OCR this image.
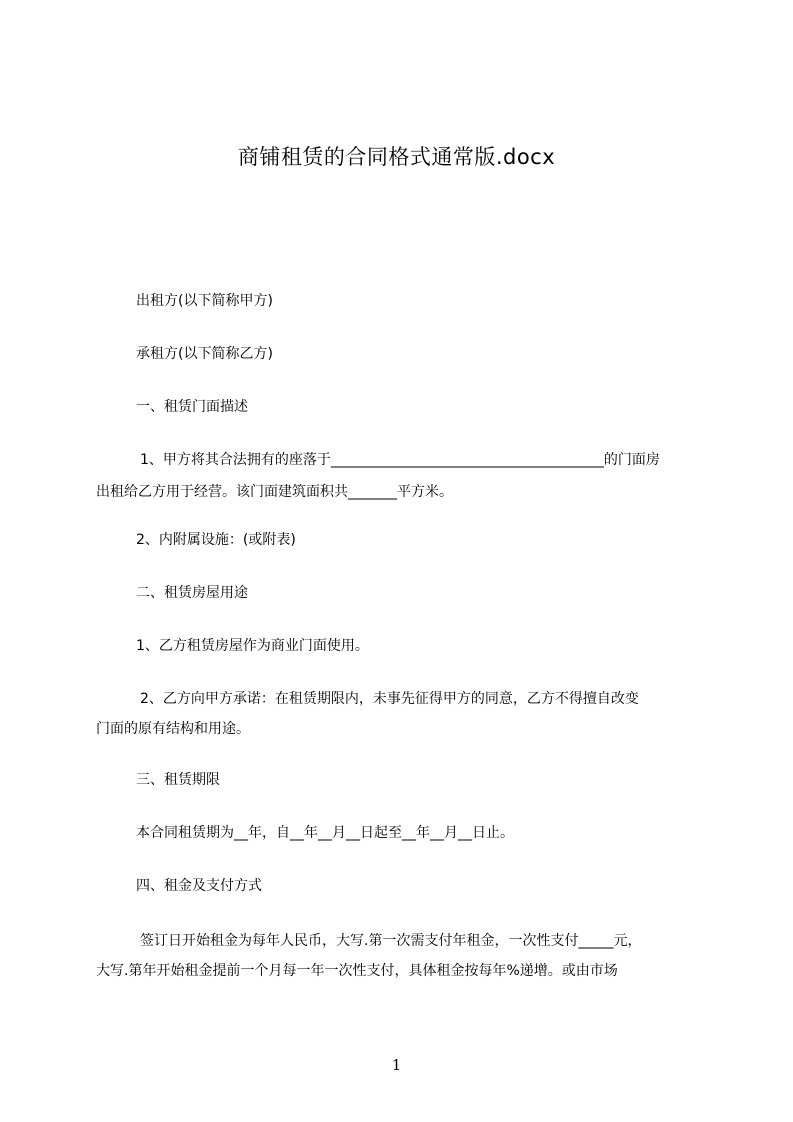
商铺租赁的合同格式通常版.docx
出租方(以下简称甲方)
承租方(以下简称乙方)
一、租赁门面描述
1、甲方将其合法拥有的座落于_______________________________________的门面房
出租给乙方用于经营。该门面建筑面积共_______平方米。
2、内附属设施：(或附表)
二、租赁房屋用途
1、乙方租赁房屋作为商业门面使用。
2、乙方向甲方承诺：在租赁期限内，未事先征得甲方的同意，乙方不得擅自改变
门面的原有结构和用途。
三、租赁期限
本合同租赁期为__年，自__年__月__日起至__年__月__日止。
四、租金及支付方式
签订日开始租金为每年人民币，大写.第一次需支付年租金，一次性支付_____元，
大写.第年开始租金提前一个月每一年一次性支付，具体租金按每年%递增。或由市场
1
